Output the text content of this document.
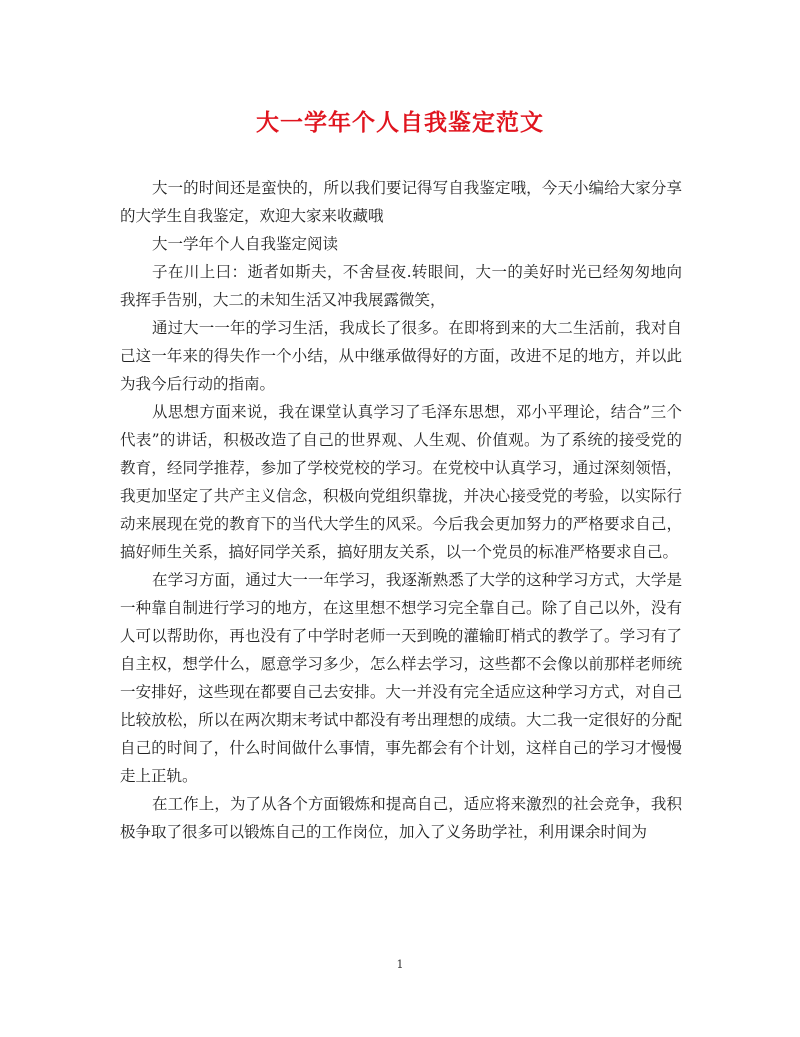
大一学年个人自我鉴定范文

大一的时间还是蛮快的，所以我们要记得写自我鉴定哦，今天小编给大家分享的大学生自我鉴定，欢迎大家来收藏哦

大一学年个人自我鉴定阅读

子在川上曰：逝者如斯夫，不舍昼夜.转眼间，大一的美好时光已经匆匆地向我挥手告别，大二的未知生活又冲我展露微笑，

通过大一一年的学习生活，我成长了很多。在即将到来的大二生活前，我对自己这一年来的得失作一个小结，从中继承做得好的方面，改进不足的地方，并以此为我今后行动的指南。

从思想方面来说，我在课堂认真学习了毛泽东思想，邓小平理论，结合”三个代表”的讲话，积极改造了自己的世界观、人生观、价值观。为了系统的接受党的教育，经同学推荐，参加了学校党校的学习。在党校中认真学习，通过深刻领悟，我更加坚定了共产主义信念，积极向党组织靠拢，并决心接受党的考验，以实际行动来展现在党的教育下的当代大学生的风采。今后我会更加努力的严格要求自己，搞好师生关系，搞好同学关系，搞好朋友关系，以一个党员的标准严格要求自己。

在学习方面，通过大一一年学习，我逐渐熟悉了大学的这种学习方式，大学是一种靠自制进行学习的地方，在这里想不想学习完全靠自己。除了自己以外，没有人可以帮助你，再也没有了中学时老师一天到晚的灌输盯梢式的教学了。学习有了自主权，想学什么，愿意学习多少，怎么样去学习，这些都不会像以前那样老师统一安排好，这些现在都要自己去安排。大一并没有完全适应这种学习方式，对自己比较放松，所以在两次期末考试中都没有考出理想的成绩。大二我一定很好的分配自己的时间了，什么时间做什么事情，事先都会有个计划，这样自己的学习才慢慢走上正轨。

在工作上，为了从各个方面锻炼和提高自己，适应将来激烈的社会竞争，我积极争取了很多可以锻炼自己的工作岗位，加入了义务助学社，利用课余时间为

1
